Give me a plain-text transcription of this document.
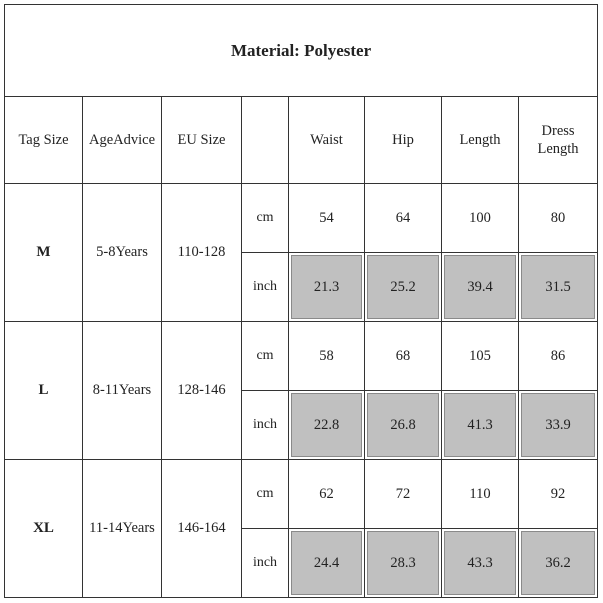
Material: Polyester							
Tag Size	AgeAdvice	EU Size		Waist	Hip	Length	Dress
Length
M	5-8Years	110-128	cm	54	64	100	80
			inch	21.3	25.2	39.4	31.5

L	8-11Years	128-146	cm	58	68	105	86
			inch	22.8	26.8	41.3	33.9

XL	11-14Years	146-164	cm	62	72	110	92
			inch	24.4	28.3	43.3	36.2
